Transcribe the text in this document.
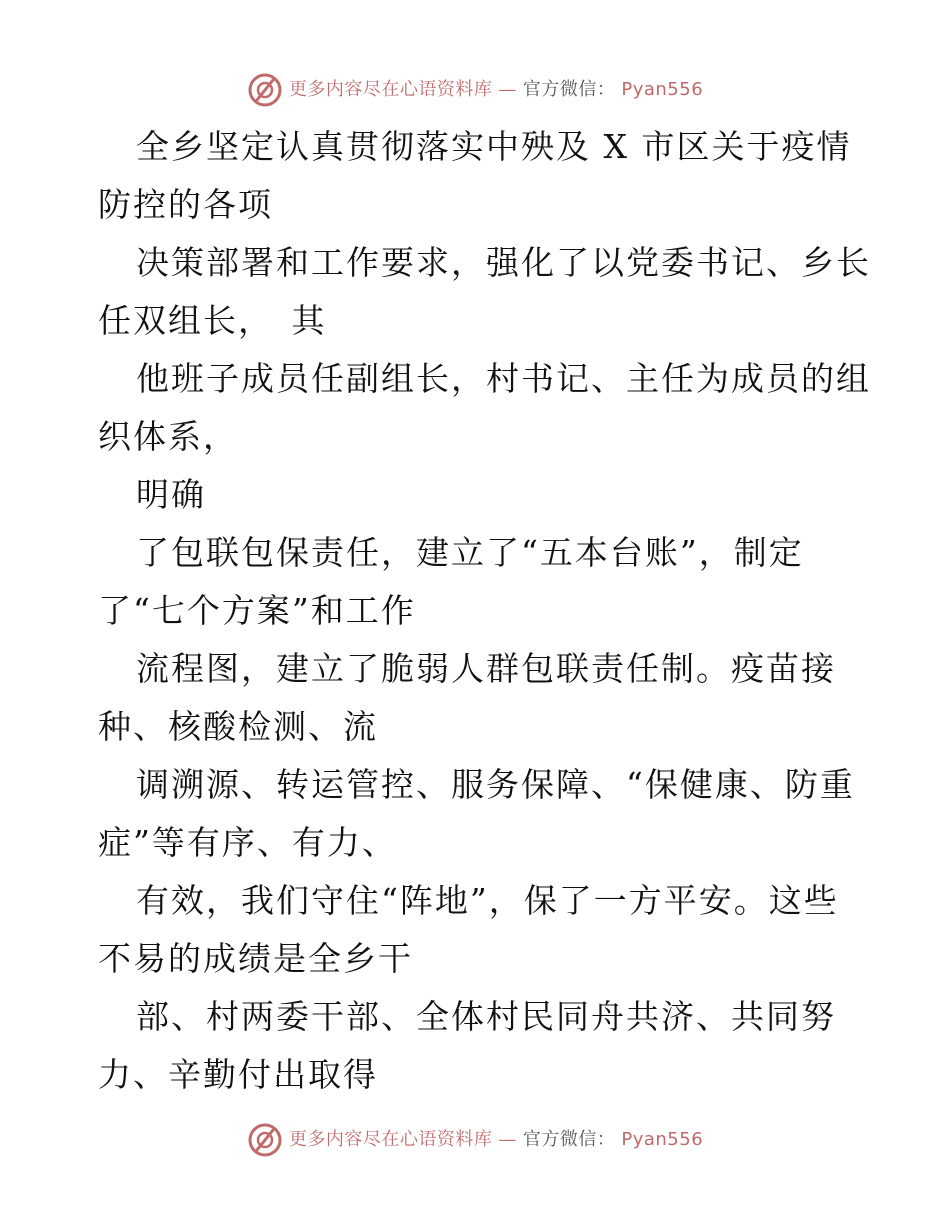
更多内容尽在心语资料库 — 官方微信： Pyan556
全乡坚定认真贯彻落实中殃及 X 市区关于疫情
防控的各项
决策部署和工作要求，强化了以党委书记、乡长
任双组长，　其
他班子成员任副组长，村书记、主任为成员的组
织体系，
明确
了包联包保责任，建立了“五本台账”，制定
了“七个方案”和工作
流程图，建立了脆弱人群包联责任制。疫苗接
种、核酸检测、流
调溯源、转运管控、服务保障、“保健康、防重
症”等有序、有力、
有效，我们守住“阵地”，保了一方平安。这些
不易的成绩是全乡干
部、村两委干部、全体村民同舟共济、共同努
力、辛勤付出取得
更多内容尽在心语资料库 — 官方微信： Pyan556
